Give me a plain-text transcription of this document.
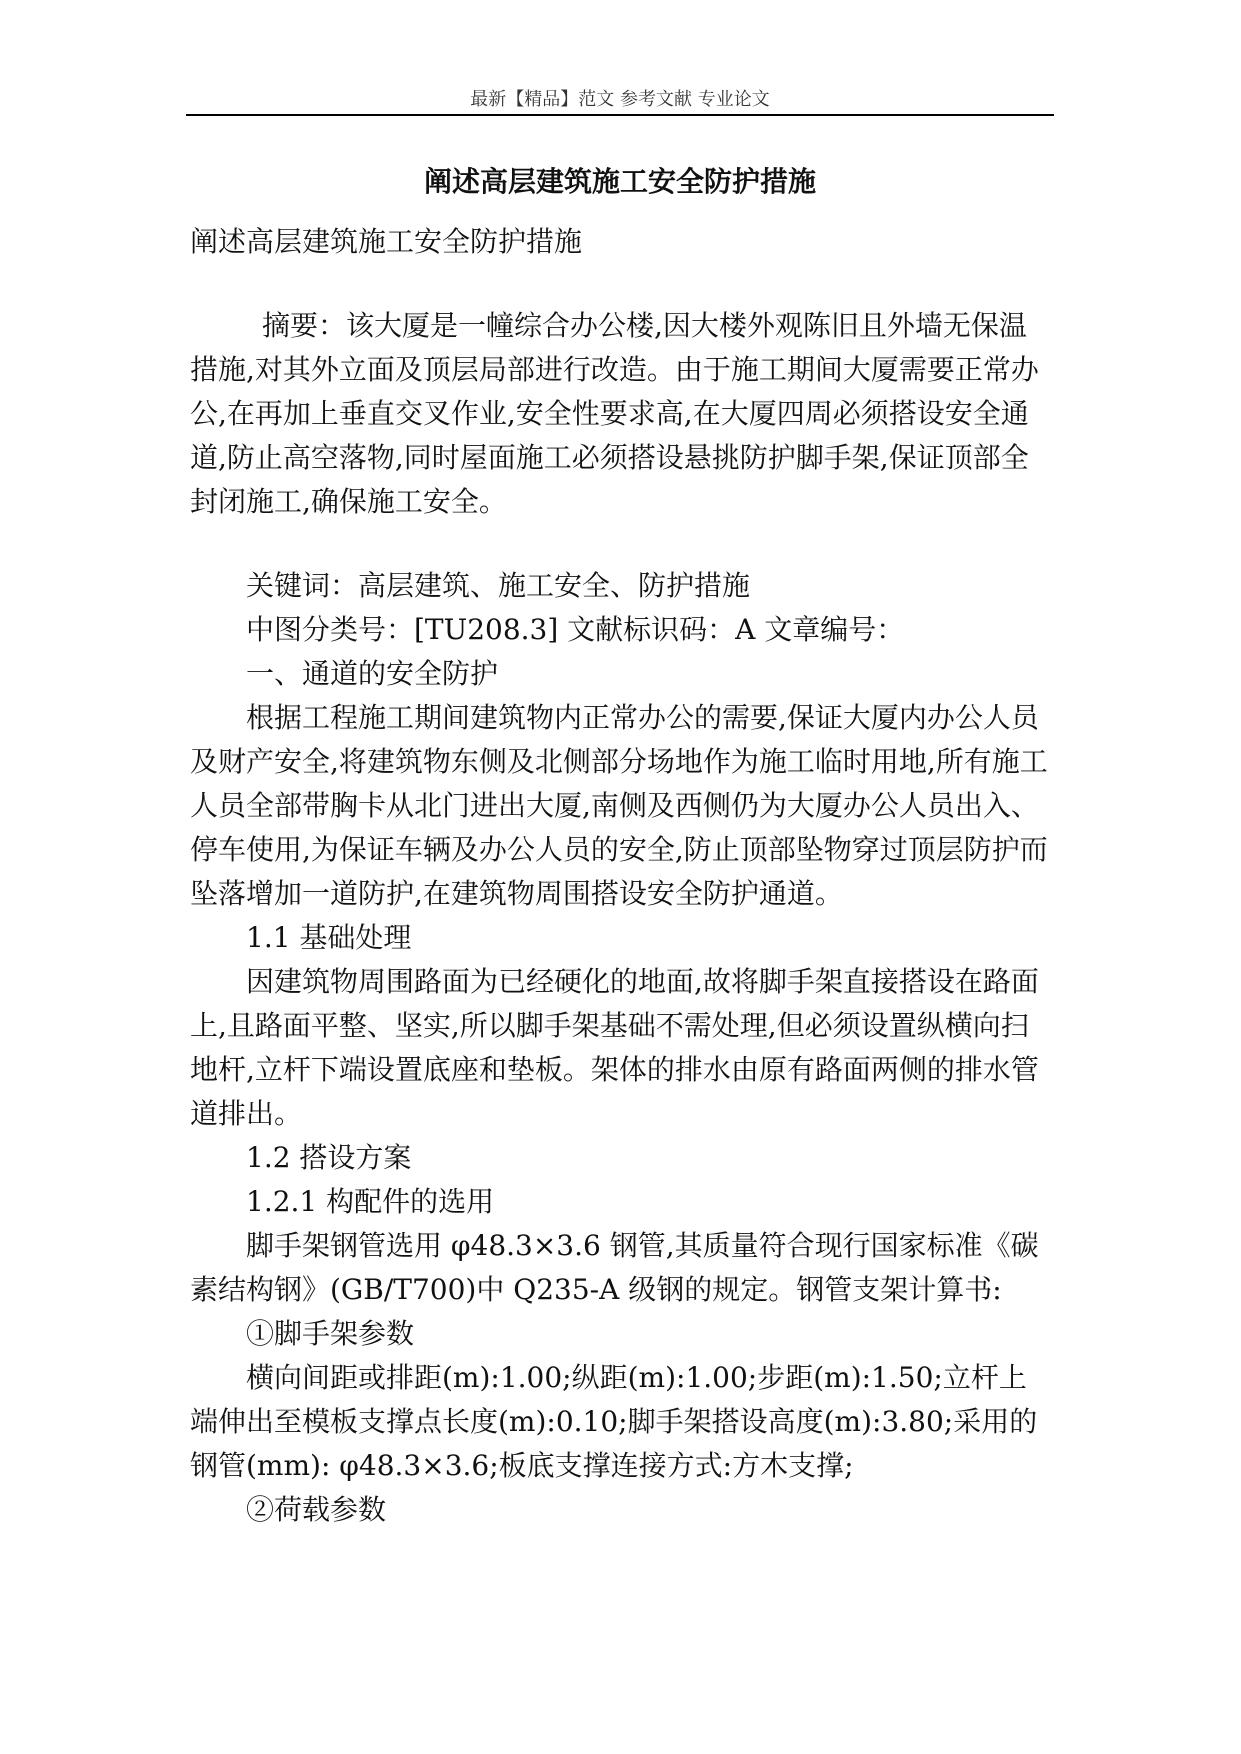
最新【精品】范文 参考文献 专业论文
阐述高层建筑施工安全防护措施

阐述高层建筑施工安全防护措施

摘要：该大厦是一幢综合办公楼,因大楼外观陈旧且外墙无保温措施,对其外立面及顶层局部进行改造。由于施工期间大厦需要正常办公,在再加上垂直交叉作业,安全性要求高,在大厦四周必须搭设安全通道,防止高空落物,同时屋面施工必须搭设悬挑防护脚手架,保证顶部全封闭施工,确保施工安全。

关键词：高层建筑、施工安全、防护措施

中图分类号：[TU208.3] 文献标识码：A 文章编号：

一、通道的安全防护

根据工程施工期间建筑物内正常办公的需要,保证大厦内办公人员及财产安全,将建筑物东侧及北侧部分场地作为施工临时用地,所有施工人员全部带胸卡从北门进出大厦,南侧及西侧仍为大厦办公人员出入、停车使用,为保证车辆及办公人员的安全,防止顶部坠物穿过顶层防护而坠落增加一道防护,在建筑物周围搭设安全防护通道。

1.1 基础处理

因建筑物周围路面为已经硬化的地面,故将脚手架直接搭设在路面上,且路面平整、坚实,所以脚手架基础不需处理,但必须设置纵横向扫地杆,立杆下端设置底座和垫板。架体的排水由原有路面两侧的排水管道排出。

1.2 搭设方案

1.2.1 构配件的选用

脚手架钢管选用 φ48.3×3.6 钢管,其质量符合现行国家标准《碳素结构钢》(GB/T700)中 Q235-A 级钢的规定。钢管支架计算书:

①脚手架参数

横向间距或排距(m):1.00;纵距(m):1.00;步距(m):1.50;立杆上端伸出至模板支撑点长度(m):0.10;脚手架搭设高度(m):3.80;采用的钢管(mm): φ48.3×3.6;板底支撑连接方式:方木支撑;

②荷载参数
